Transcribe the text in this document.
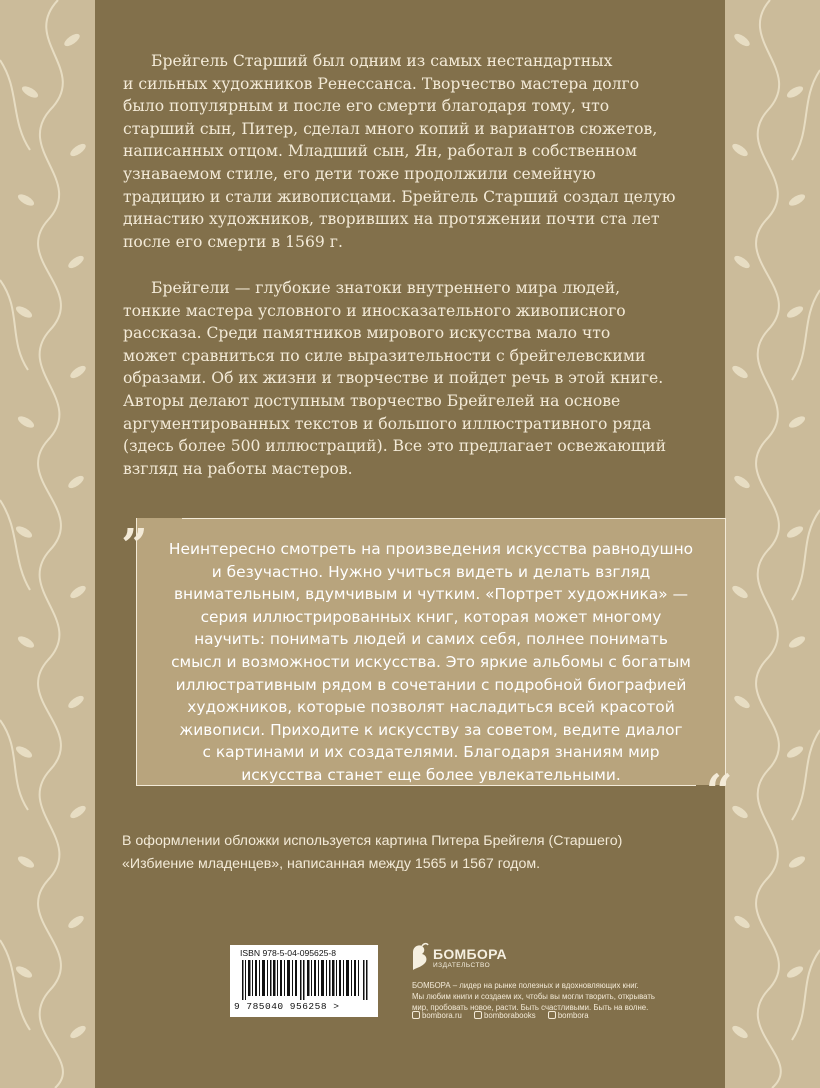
Брейгель Старший был одним из самых нестандартных
и сильных художников Ренессанса. Творчество мастера долго
было популярным и после его смерти благодаря тому, что
старший сын, Питер, сделал много копий и вариантов сюжетов,
написанных отцом. Младший сын, Ян, работал в собственном
узнаваемом стиле, его дети тоже продолжили семейную
традицию и стали живописцами. Брейгель Старший создал целую
династию художников, творивших на протяжении почти ста лет
после его смерти в 1569 г.
Брейгели — глубокие знатоки внутреннего мира людей,
тонкие мастера условного и иносказательного живописного
рассказа. Среди памятников мирового искусства мало что
может сравниться по силе выразительности с брейгелевскими
образами. Об их жизни и творчестве и пойдет речь в этой книге.
Авторы делают доступным творчество Брейгелей на основе
аргументированных текстов и большого иллюстративного ряда
(здесь более 500 иллюстраций). Все это предлагает освежающий
взгляд на работы мастеров.
„
“
Неинтересно смотреть на произведения искусства равнодушно
и безучастно. Нужно учиться видеть и делать взгляд
внимательным, вдумчивым и чутким. «Портрет художника» —
серия иллюстрированных книг, которая может многому
научить: понимать людей и самих себя, полнее понимать
смысл и возможности искусства. Это яркие альбомы с богатым
иллюстративным рядом в сочетании с подробной биографией
художников, которые позволят насладиться всей красотой
живописи. Приходите к искусству за советом, ведите диалог
с картинами и их создателями. Благодаря знаниям мир
искусства станет еще более увлекательными.
В оформлении обложки используется картина Питера Брейгеля (Старшего)
«Избиение младенцев», написанная между 1565 и 1567 годом.
ISBN 978-5-04-095625-8
9 785040 956258 >
БОМБОРА
ИЗДАТЕЛЬСТВО
БОМБОРА – лидер на рынке полезных и вдохновляющих книг.
Мы любим книги и создаем их, чтобы вы могли творить, открывать
мир, пробовать новое, расти. Быть счастливыми. Быть на волне.
bombora.ru	bomborabooks	bombora
